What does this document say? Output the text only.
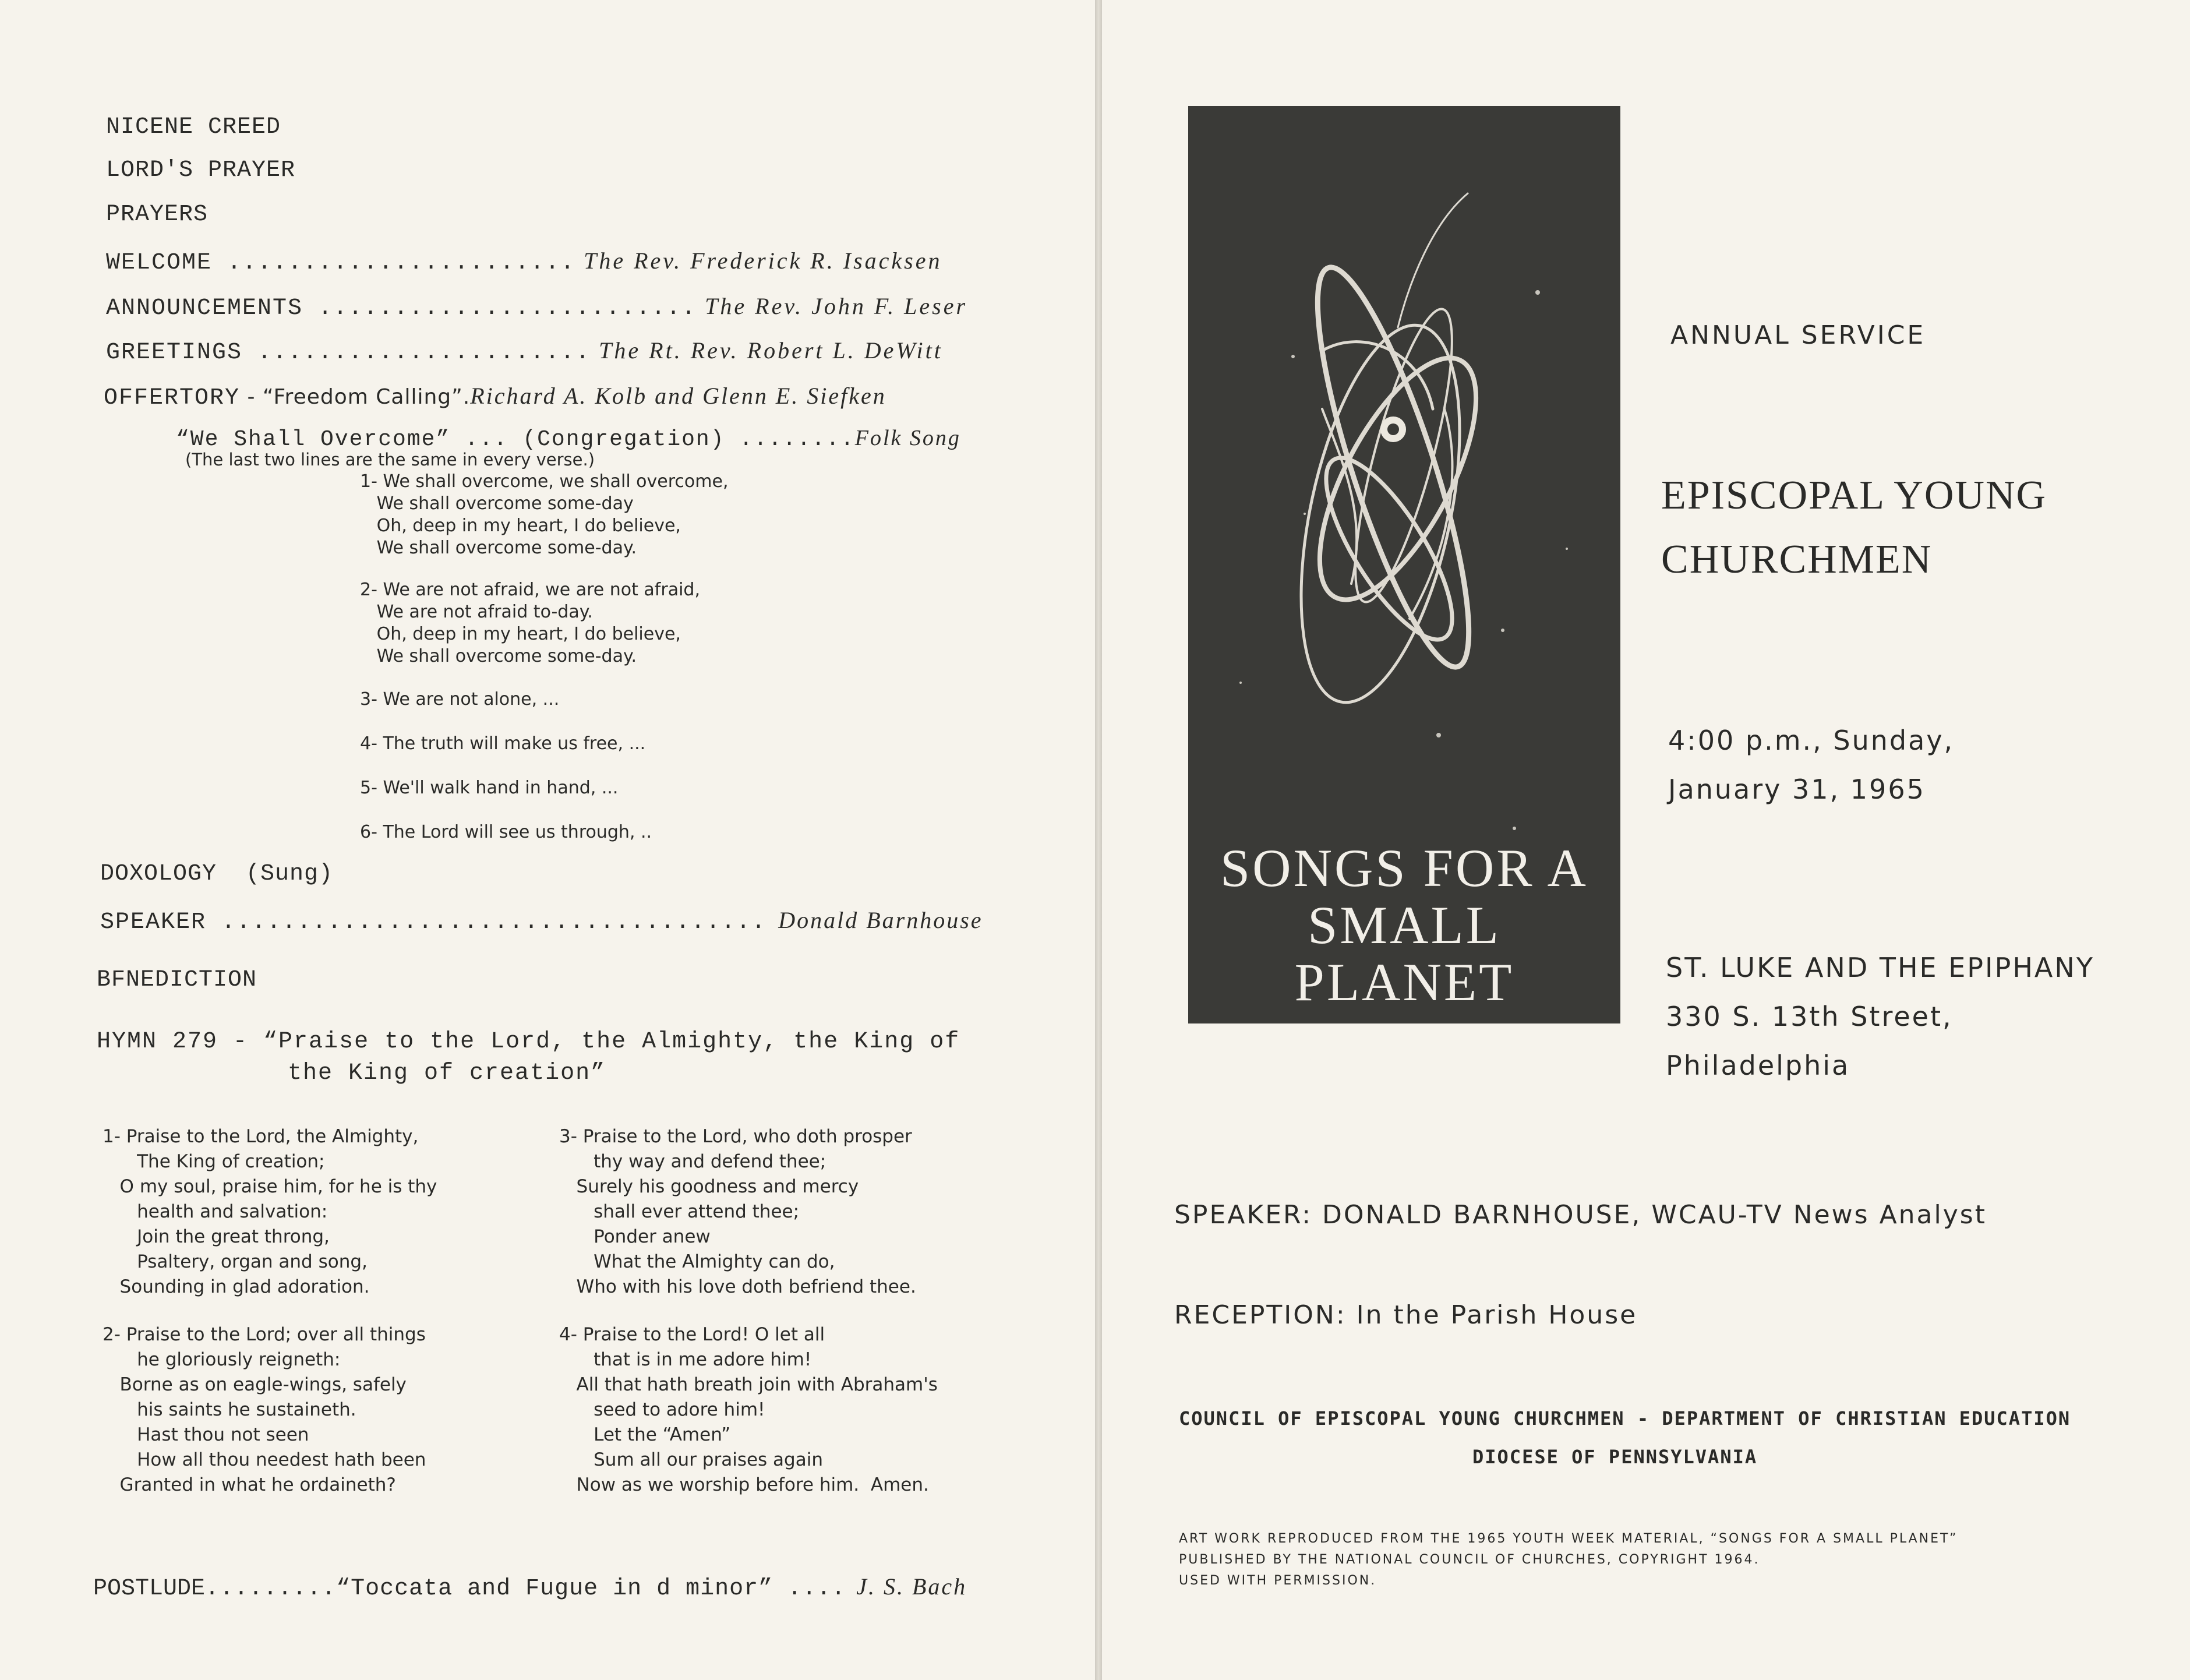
NICENE CREED
LORD'S PRAYER
PRAYERS
WELCOME ....................... The Rev. Frederick R. Isacksen
ANNOUNCEMENTS ......................... The Rev. John F. Leser
GREETINGS ...................... The Rt. Rev. Robert L. DeWitt
OFFERTORY - “Freedom Calling”.Richard A. Kolb and Glenn E. Siefken
“We Shall Overcome” ... (Congregation) ........Folk Song
(The last two lines are the same in every verse.)
1- We shall overcome, we shall overcome,
We shall overcome some-day
Oh, deep in my heart, I do believe,
We shall overcome some-day.
2- We are not afraid, we are not afraid,
We are not afraid to-day.
Oh, deep in my heart, I do believe,
We shall overcome some-day.
3- We are not alone, ...
4- The truth will make us free, ...
5- We'll walk hand in hand, ...
6- The Lord will see us through, ..
DOXOLOGY  (Sung)
SPEAKER .................................... Donald Barnhouse
BFNEDICTION
HYMN 279 - “Praise to the Lord, the Almighty, the King of
the King of creation”
1- Praise to the Lord, the Almighty,
The King of creation;
O my soul, praise him, for he is thy
health and salvation:
Join the great throng,
Psaltery, organ and song,
Sounding in glad adoration.
2- Praise to the Lord; over all things
he gloriously reigneth:
Borne as on eagle-wings, safely
his saints he sustaineth.
Hast thou not seen
How all thou needest hath been
Granted in what he ordaineth?
3- Praise to the Lord, who doth prosper
thy way and defend thee;
Surely his goodness and mercy
shall ever attend thee;
Ponder anew
What the Almighty can do,
Who with his love doth befriend thee.
4- Praise to the Lord! O let all
that is in me adore him!
All that hath breath join with Abraham's
seed to adore him!
Let the “Amen”
Sum all our praises again
Now as we worship before him.  Amen.
POSTLUDE.........“Toccata and Fugue in d minor” .... J. S. Bach
SONGS FOR A SMALL PLANET
ANNUAL SERVICE
EPISCOPAL YOUNG
CHURCHMEN
4:00 p.m., Sunday,
January 31, 1965
ST. LUKE AND THE EPIPHANY
330 S. 13th Street,
Philadelphia
SPEAKER: DONALD BARNHOUSE, WCAU-TV News Analyst
RECEPTION: In the Parish House
COUNCIL OF EPISCOPAL YOUNG CHURCHMEN - DEPARTMENT OF CHRISTIAN EDUCATION
DIOCESE OF PENNSYLVANIA
ART WORK REPRODUCED FROM THE 1965 YOUTH WEEK MATERIAL, “SONGS FOR A SMALL PLANET”
PUBLISHED BY THE NATIONAL COUNCIL OF CHURCHES, COPYRIGHT 1964.
USED WITH PERMISSION.
